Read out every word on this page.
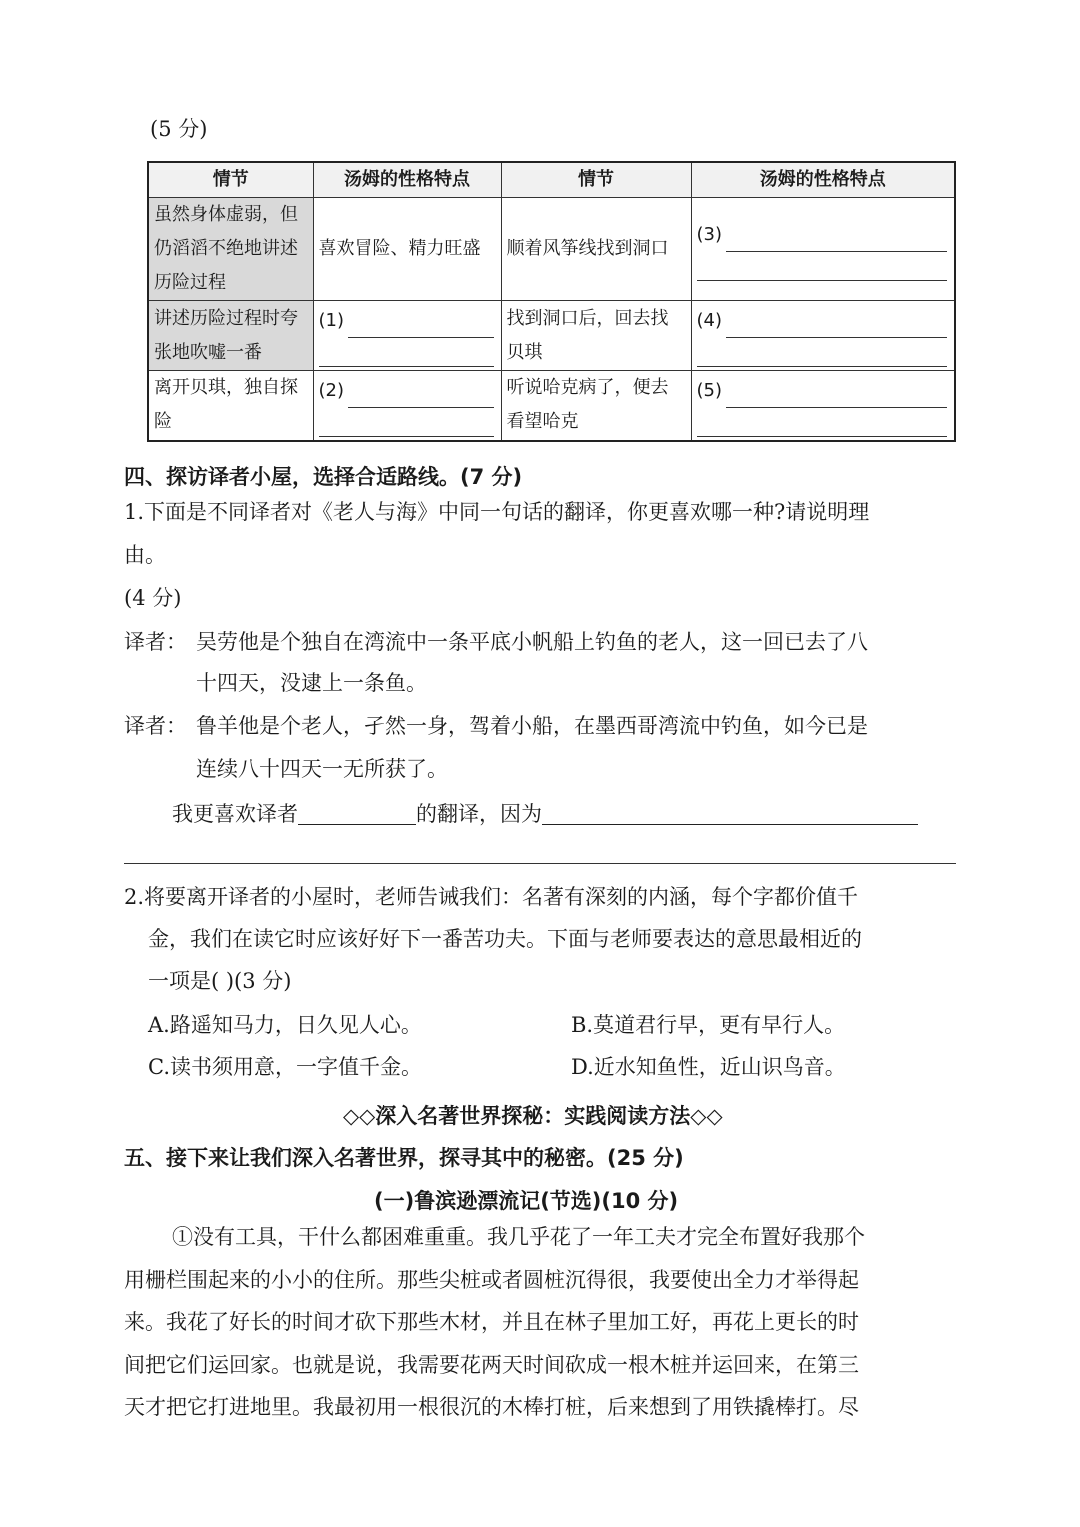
(5 分)
情节	汤姆的性格特点	情节	汤姆的性格特点
虽然身体虚弱，但仍滔滔不绝地讲述历险过程	喜欢冒险、精力旺盛	顺着风筝线找到洞口	(3)

讲述历险过程时夸张地吹嘘一番	(1)	找到洞口后，回去找贝琪	(4)

离开贝琪，独自探险	(2)	听说哈克病了，便去看望哈克	(5)
四、探访译者小屋，选择合适路线。(7 分)
1.下面是不同译者对《老人与海》中同一句话的翻译，你更喜欢哪一种?请说明理
由。
(4 分)
译者： 吴劳他是个独自在湾流中一条平底小帆船上钓鱼的老人，这一回已去了八
十四天，没逮上一条鱼。
译者： 鲁羊他是个老人，孑然一身，驾着小船，在墨西哥湾流中钓鱼，如今已是
连续八十四天一无所获了。
我更喜欢译者	的翻译，因为
2.将要离开译者的小屋时，老师告诫我们：名著有深刻的内涵，每个字都价值千
金，我们在读它时应该好好下一番苦功夫。下面与老师要表达的意思最相近的
一项是( )(3 分)
A.路遥知马力，日久见人心。	B.莫道君行早，更有早行人。
C.读书须用意，一字值千金。	D.近水知鱼性，近山识鸟音。
◇◇深入名著世界探秘：实践阅读方法◇◇
五、接下来让我们深入名著世界，探寻其中的秘密。(25 分)
(一)鲁滨逊漂流记(节选)(10 分)
①没有工具，干什么都困难重重。我几乎花了一年工夫才完全布置好我那个
用栅栏围起来的小小的住所。那些尖桩或者圆桩沉得很，我要使出全力才举得起
来。我花了好长的时间才砍下那些木材，并且在林子里加工好，再花上更长的时
间把它们运回家。也就是说，我需要花两天时间砍成一根木桩并运回来，在第三
天才把它打进地里。我最初用一根很沉的木棒打桩，后来想到了用铁撬棒打。尽
